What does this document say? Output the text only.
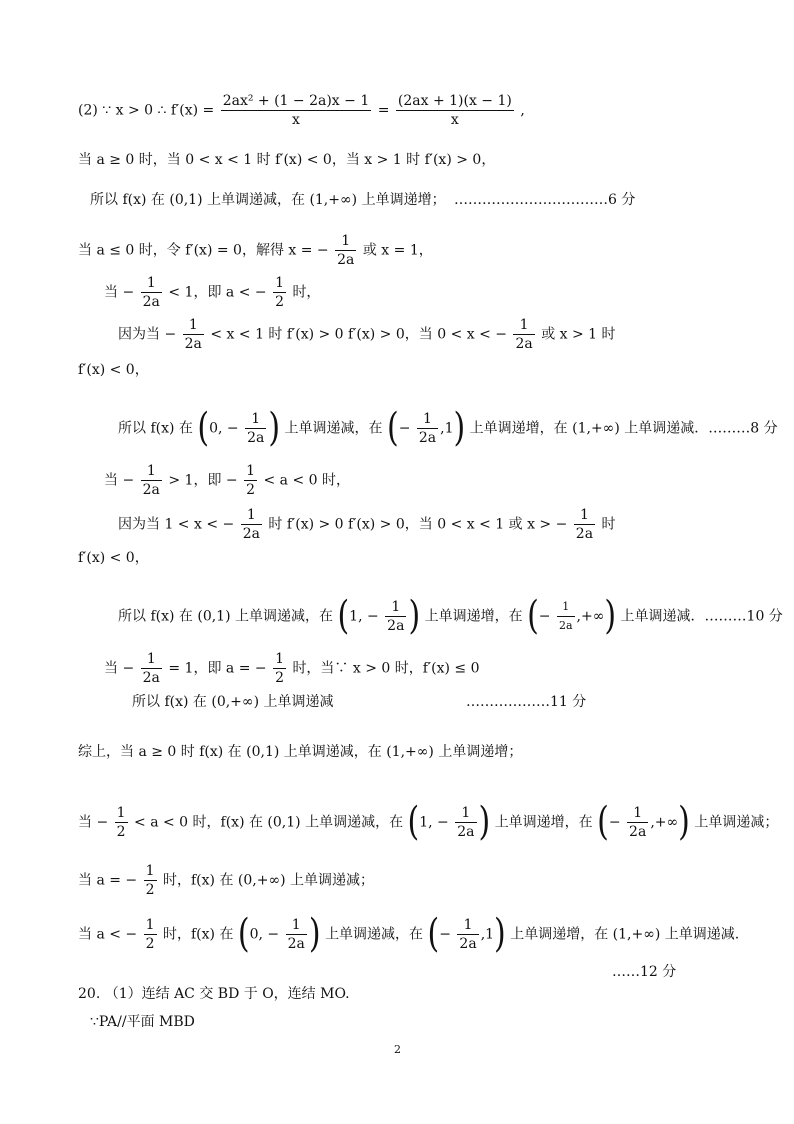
(2) ∵ x > 0 ∴ $f'(x) = \frac{\text{2ax² + (1 − 2a)x − 1}}{x} = \frac{(2ax + 1)(x - 1)}{x}$ ,
当 a ≥ 0 时，当 0 < x < 1 时 f′(x) < 0，当 x > 1 时 f′(x) > 0，
所以 f(x) 在 (0,1) 上单调递减，在 (1,+∞) 上单调递增； ……………………………6 分
当 a ≤ 0 时，令 f′(x) = 0，解得 x = − $\frac{1}{2a}$ 或 x = 1，
当 − $\frac{1}{2a} < 1$，即 a < − $\frac{1}{2}$ 时，
因为当 − $\frac{1}{2a} < x < 1$ 时 f′(x) > 0 f′(x) > 0，当 0 < x < − $\frac{1}{2a}$ 或 x > 1 时
f′(x) < 0，
所以 f(x) 在 (0, − $\frac{1}{2a}$ ) 上单调递减，在 (− $\frac{1}{2a} ,1$) 上单调递增，在 (1,+∞) 上单调递减．………8 分
当 − $\frac{1}{2a} > 1$，即 − $\frac{1}{2} < a < 0$ 时，
因为当 1 < x < − $\frac{1}{2a}$ 时 f′(x) > 0 f′(x) > 0，当 0 < x < 1 或 x > − $\frac{1}{2a}$ 时
f′(x) < 0，
所以 f(x) 在 (0,1) 上单调递减，在 (1, − $\frac{1}{2a}$ ) 上单调递增，在 (− $\frac{1}{2a}$ ,+∞) 上单调递减．………10 分
当 − $\frac{1}{2a} = 1$，即 a = − $\frac{1}{2}$ 时，当∵ x > 0 时，f′(x) ≤ 0
所以 f(x) 在 (0,+∞) 上单调递减	………………11 分
综上，当 a ≥ 0 时 f(x) 在 (0,1) 上单调递减，在 (1,+∞) 上单调递增；
当 − $\frac{1}{2} < a < 0$ 时，f(x) 在 (0,1) 上单调递减，在 (1, − $\frac{1}{2a}$ ) 上单调递增，在 (− $\frac{1}{2a}$ ,+∞) 上单调递减；
当 a = − $\frac{1}{2}$ 时，f(x) 在 (0,+∞) 上单调递减；
当 a < − $\frac{1}{2}$ 时，f(x) 在 (0, − $\frac{1}{2a}$ ) 上单调递减，在 (− $\frac{1}{2a} ,1$) 上单调递增，在 (1,+∞) 上单调递减.
……12 分
20. （1）连结 AC 交 BD 于 O，连结 MO.
∵PA//平面 MBD
2
